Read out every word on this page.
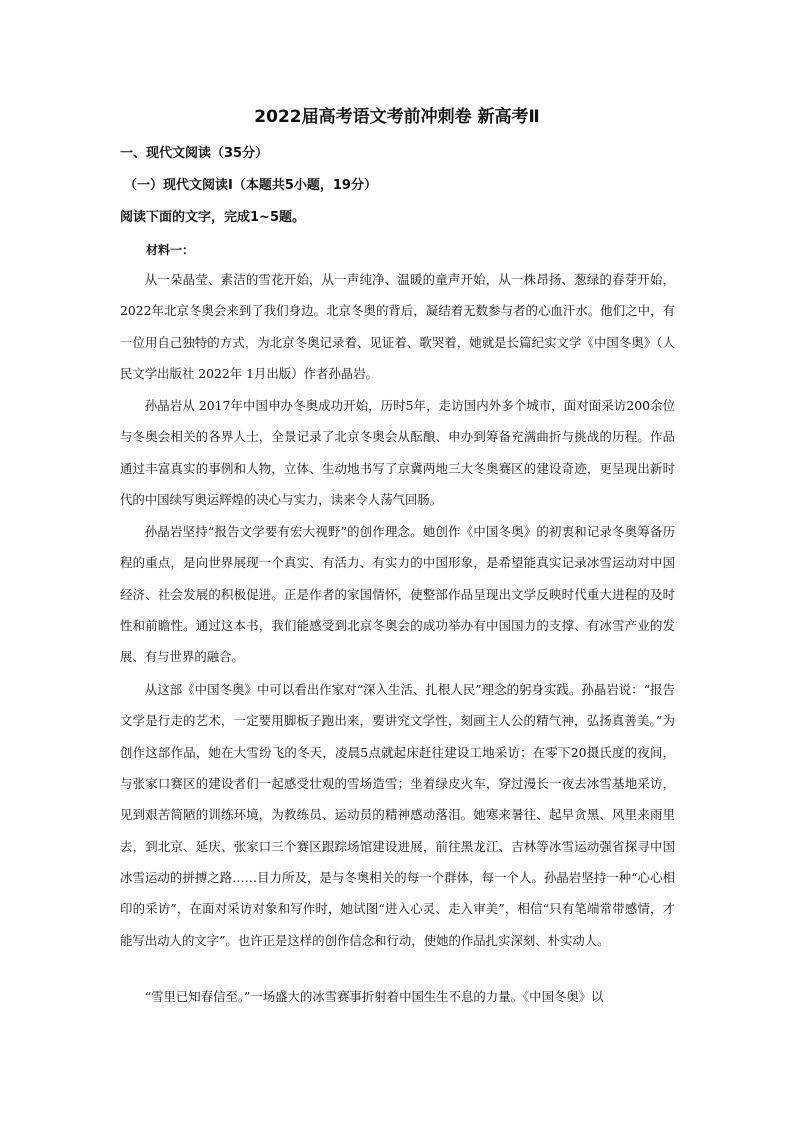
2022届高考语文考前冲刺卷 新高考Ⅱ
一、现代文阅读（35分）
（一）现代文阅读Ⅰ（本题共5小题，19分）
阅读下面的文字，完成1~5题。
材料一：

从一朵晶莹、素洁的雪花开始，从一声纯净、温暖的童声开始，从一株昂扬、葱绿的春芽开始，2022年北京冬奥会来到了我们身边。北京冬奥的背后，凝结着无数参与者的心血汗水。他们之中，有一位用自己独特的方式，为北京冬奥记录着、见证着、歌哭着，她就是长篇纪实文学《中国冬奥》（人民文学出版社 2022年 1月出版）作者孙晶岩。

孙晶岩从 2017年中国申办冬奥成功开始，历时5年，走访国内外多个城市，面对面采访200余位与冬奥会相关的各界人士，全景记录了北京冬奥会从酝酿、申办到筹备充满曲折与挑战的历程。作品通过丰富真实的事例和人物，立体、生动地书写了京冀两地三大冬奥赛区的建设奇迹，更呈现出新时代的中国续写奥运辉煌的决心与实力，读来令人荡气回肠。

孙晶岩坚持“报告文学要有宏大视野”的创作理念。她创作《中国冬奥》的初衷和记录冬奥筹备历程的重点，是向世界展现一个真实、有活力、有实力的中国形象，是希望能真实记录冰雪运动对中国经济、社会发展的积极促进。正是作者的家国情怀，使整部作品呈现出文学反映时代重大进程的及时性和前瞻性。通过这本书，我们能感受到北京冬奥会的成功举办有中国国力的支撑、有冰雪产业的发展、有与世界的融合。

从这部《中国冬奥》中可以看出作家对“深入生活、扎根人民”理念的躬身实践。孙晶岩说：“报告文学是行走的艺术，一定要用脚板子跑出来，要讲究文学性，刻画主人公的精气神，弘扬真善美。”为创作这部作品，她在大雪纷飞的冬天，凌晨5点就起床赶往建设工地采访；在零下20摄氏度的夜间，与张家口赛区的建设者们一起感受壮观的雪场造雪；坐着绿皮火车，穿过漫长一夜去冰雪基地采访，见到艰苦简陋的训练环境，为教练员、运动员的精神感动落泪。她寒来暑往、起早贪黑、风里来雨里去，到北京、延庆、张家口三个赛区跟踪场馆建设进展，前往黑龙江、吉林等冰雪运动强省探寻中国冰雪运动的拼搏之路……目力所及，是与冬奥相关的每一个群体，每一个人。孙晶岩坚持一种“心心相印的采访”，在面对采访对象和写作时，她试图“进入心灵、走入审美”，相信“只有笔端常带感情，才能写出动人的文字”。也许正是这样的创作信念和行动，使她的作品扎实深刻、朴实动人。

“雪里已知春信至。”一场盛大的冰雪赛事折射着中国生生不息的力量。《中国冬奥》以
